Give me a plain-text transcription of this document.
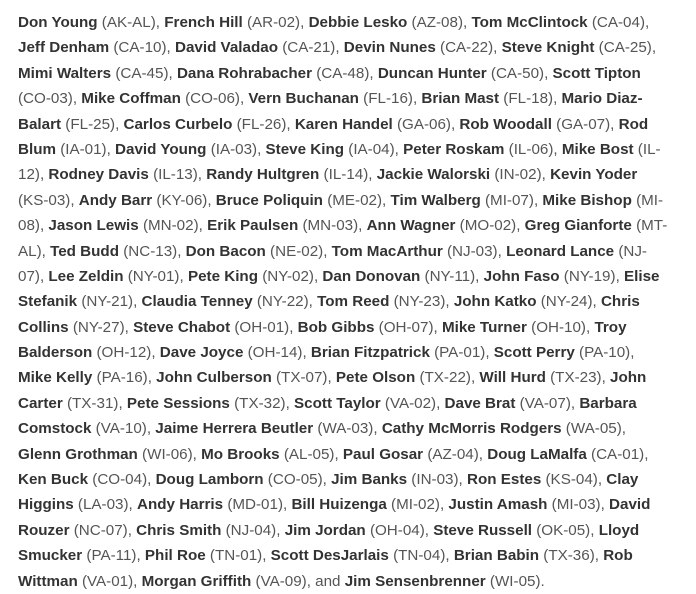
Don Young (AK-AL), French Hill (AR-02), Debbie Lesko (AZ-08), Tom McClintock (CA-04),
Jeff Denham (CA-10), David Valadao (CA-21), Devin Nunes (CA-22), Steve Knight (CA-25),
Mimi Walters (CA-45), Dana Rohrabacher (CA-48), Duncan Hunter (CA-50), Scott Tipton
(CO-03), Mike Coffman (CO-06), Vern Buchanan (FL-16), Brian Mast (FL-18), Mario Diaz-
Balart (FL-25), Carlos Curbelo (FL-26), Karen Handel (GA-06), Rob Woodall (GA-07), Rod
Blum (IA-01), David Young (IA-03), Steve King (IA-04), Peter Roskam (IL-06), Mike Bost (IL-
12), Rodney Davis (IL-13), Randy Hultgren (IL-14), Jackie Walorski (IN-02), Kevin Yoder
(KS-03), Andy Barr (KY-06), Bruce Poliquin (ME-02), Tim Walberg (MI-07), Mike Bishop (MI-
08), Jason Lewis (MN-02), Erik Paulsen (MN-03), Ann Wagner (MO-02), Greg Gianforte (MT-
AL), Ted Budd (NC-13), Don Bacon (NE-02), Tom MacArthur (NJ-03), Leonard Lance (NJ-
07), Lee Zeldin (NY-01), Pete King (NY-02), Dan Donovan (NY-11), John Faso (NY-19), Elise
Stefanik (NY-21), Claudia Tenney (NY-22), Tom Reed (NY-23), John Katko (NY-24), Chris
Collins (NY-27), Steve Chabot (OH-01), Bob Gibbs (OH-07), Mike Turner (OH-10), Troy
Balderson (OH-12), Dave Joyce (OH-14), Brian Fitzpatrick (PA-01), Scott Perry (PA-10),
Mike Kelly (PA-16), John Culberson (TX-07), Pete Olson (TX-22), Will Hurd (TX-23), John
Carter (TX-31), Pete Sessions (TX-32), Scott Taylor (VA-02), Dave Brat (VA-07), Barbara
Comstock (VA-10), Jaime Herrera Beutler (WA-03), Cathy McMorris Rodgers (WA-05),
Glenn Grothman (WI-06), Mo Brooks (AL-05), Paul Gosar (AZ-04), Doug LaMalfa (CA-01),
Ken Buck (CO-04), Doug Lamborn (CO-05), Jim Banks (IN-03), Ron Estes (KS-04), Clay
Higgins (LA-03), Andy Harris (MD-01), Bill Huizenga (MI-02), Justin Amash (MI-03), David
Rouzer (NC-07), Chris Smith (NJ-04), Jim Jordan (OH-04), Steve Russell (OK-05), Lloyd
Smucker (PA-11), Phil Roe (TN-01), Scott DesJarlais (TN-04), Brian Babin (TX-36), Rob
Wittman (VA-01), Morgan Griffith (VA-09), and Jim Sensenbrenner (WI-05).
